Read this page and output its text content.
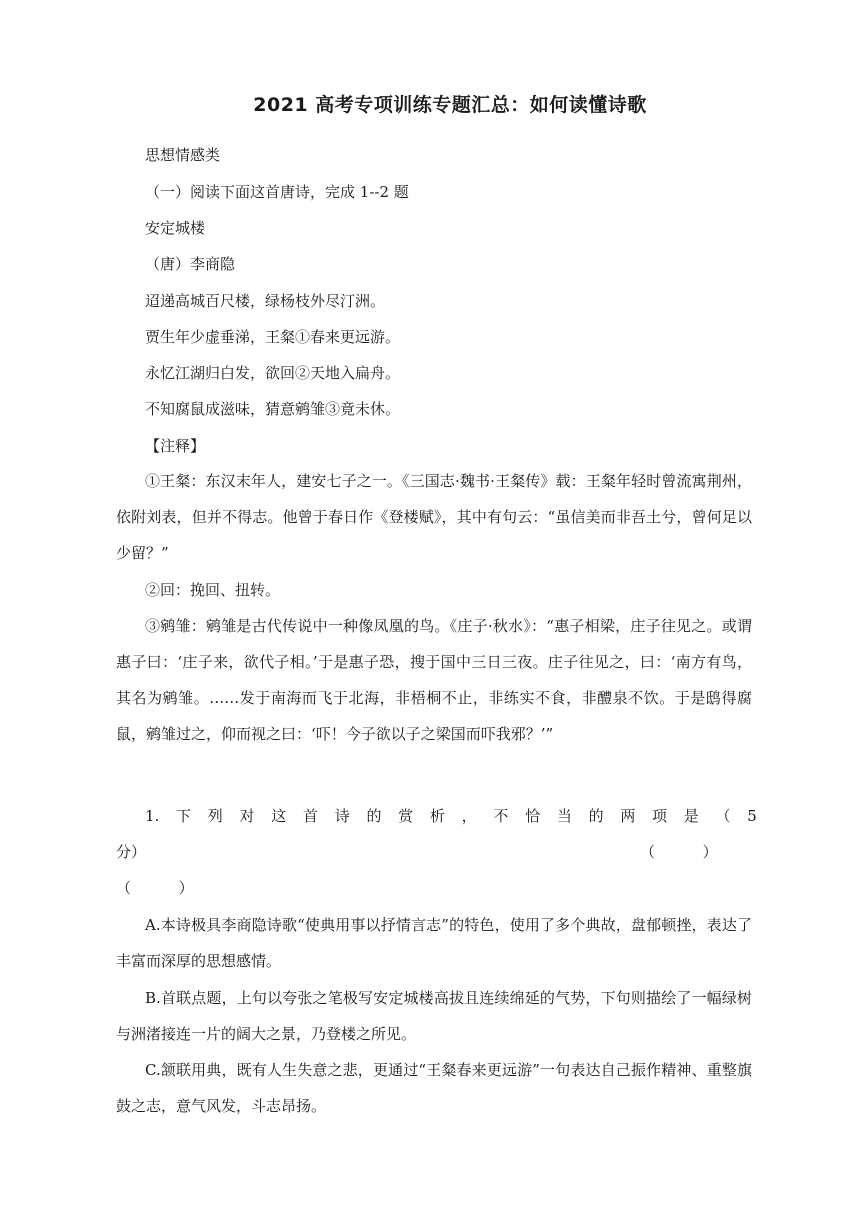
2021 高考专项训练专题汇总：如何读懂诗歌
思想情感类
（一）阅读下面这首唐诗，完成 1--2 题
安定城楼
（唐）李商隐
迢递高城百尺楼，绿杨枝外尽汀洲。
贾生年少虚垂涕，王粲①春来更远游。
永忆江湖归白发，欲回②天地入扁舟。
不知腐鼠成滋味，猜意鹓雏③竟未休。
【注释】
①王粲：东汉末年人，建安七子之一。《三国志·魏书·王粲传》载：王粲年轻时曾流寓荆州，依附刘表，但并不得志。他曾于春日作《登楼赋》，其中有句云：“虽信美而非吾土兮，曾何足以少留？”
②回：挽回、扭转。
③鹓雏：鹓雏是古代传说中一种像凤凰的鸟。《庄子·秋水》：“惠子相梁，庄子往见之。或谓惠子曰：‘庄子来，欲代子相。’于是惠子恐，搜于国中三日三夜。庄子往见之，曰：‘南方有鸟，其名为鹓雏。……发于南海而飞于北海，非梧桐不止，非练实不食，非醴泉不饮。于是鸱得腐鼠，鹓雏过之，仰而视之曰：‘吓！今子欲以子之梁国而吓我邪？’”
1. 下 列 对 这 首 诗 的 赏 析 ， 不 恰 当 的 两 项 是 （ 5
分）	（          ）
（          ）
A.本诗极具李商隐诗歌“使典用事以抒情言志”的特色，使用了多个典故，盘郁顿挫，表达了丰富而深厚的思想感情。
B.首联点题，上句以夸张之笔极写安定城楼高拔且连续绵延的气势，下句则描绘了一幅绿树与洲渚接连一片的阔大之景，乃登楼之所见。
C.颔联用典，既有人生失意之悲，更通过“王粲春来更远游”一句表达自己振作精神、重整旗鼓之志，意气风发，斗志昂扬。
